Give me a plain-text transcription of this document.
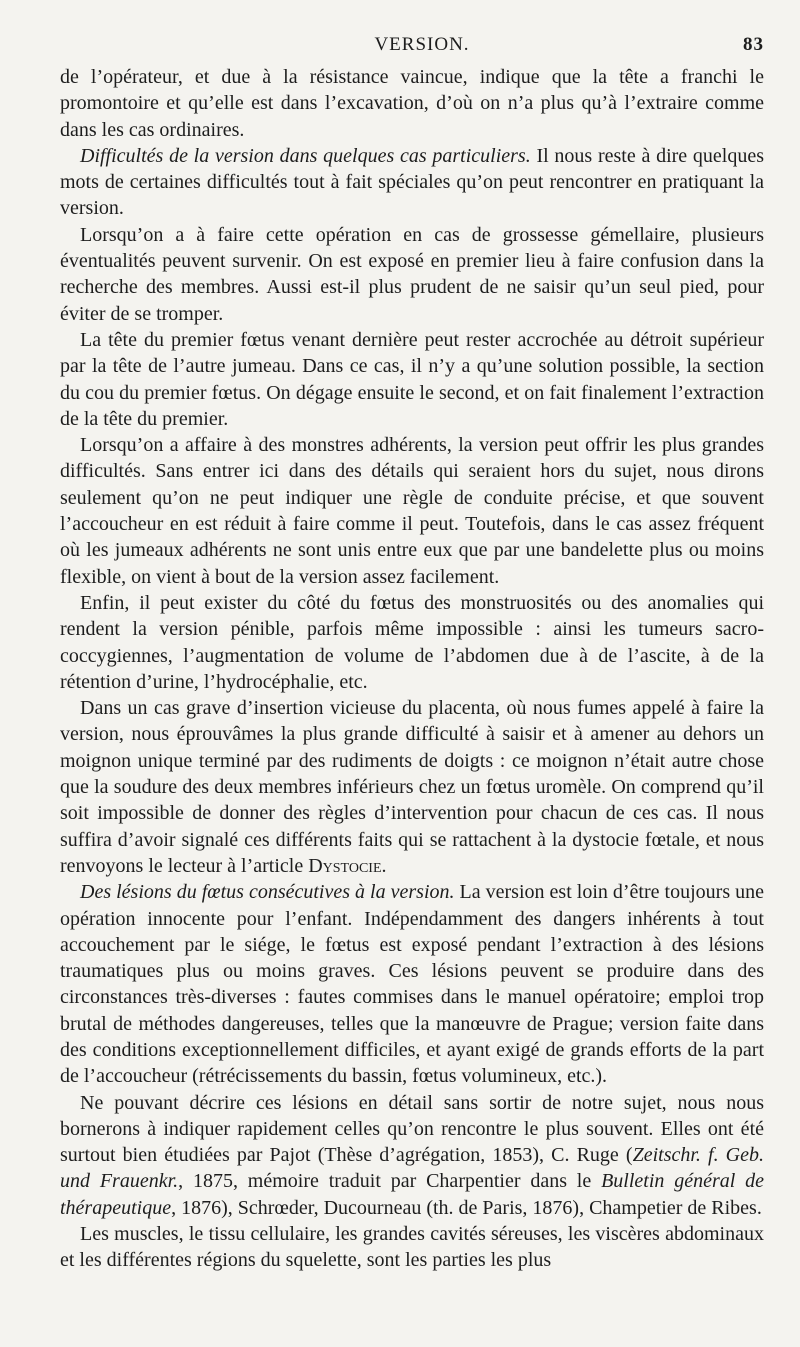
VERSION.	83

de l’opérateur, et due à la résistance vaincue, indique que la tête a franchi le promontoire et qu’elle est dans l’excavation, d’où on n’a plus qu’à l’extraire comme dans les cas ordinaires.

 Difficultés de la version dans quelques cas particuliers. Il nous reste à dire quelques mots de certaines difficultés tout à fait spéciales qu’on peut rencontrer en pratiquant la version.

 Lorsqu’on a à faire cette opération en cas de grossesse gémellaire, plusieurs éventualités peuvent survenir. On est exposé en premier lieu à faire confusion dans la recherche des membres. Aussi est-il plus prudent de ne saisir qu’un seul pied, pour éviter de se tromper.

 La tête du premier fœtus venant dernière peut rester accrochée au détroit supérieur par la tête de l’autre jumeau. Dans ce cas, il n’y a qu’une solution possible, la section du cou du premier fœtus. On dégage ensuite le second, et on fait finalement l’extraction de la tête du premier.

 Lorsqu’on a affaire à des monstres adhérents, la version peut offrir les plus grandes difficultés. Sans entrer ici dans des détails qui seraient hors du sujet, nous dirons seulement qu’on ne peut indiquer une règle de conduite précise, et que souvent l’accoucheur en est réduit à faire comme il peut. Toutefois, dans le cas assez fréquent où les jumeaux adhérents ne sont unis entre eux que par une bandelette plus ou moins flexible, on vient à bout de la version assez facilement.

 Enfin, il peut exister du côté du fœtus des monstruosités ou des anomalies qui rendent la version pénible, parfois même impossible : ainsi les tumeurs sacro-coccygiennes, l’augmentation de volume de l’abdomen due à de l’ascite, à de la rétention d’urine, l’hydrocéphalie, etc.

 Dans un cas grave d’insertion vicieuse du placenta, où nous fumes appelé à faire la version, nous éprouvâmes la plus grande difficulté à saisir et à amener au dehors un moignon unique terminé par des rudiments de doigts : ce moignon n’était autre chose que la soudure des deux membres inférieurs chez un fœtus uromèle. On comprend qu’il soit impossible de donner des règles d’intervention pour chacun de ces cas. Il nous suffira d’avoir signalé ces différents faits qui se rattachent à la dystocie fœtale, et nous renvoyons le lecteur à l’article Dystocie.

 Des lésions du fœtus consécutives à la version. La version est loin d’être toujours une opération innocente pour l’enfant. Indépendamment des dangers inhérents à tout accouchement par le siége, le fœtus est exposé pendant l’extraction à des lésions traumatiques plus ou moins graves. Ces lésions peuvent se produire dans des circonstances très-diverses : fautes commises dans le manuel opératoire; emploi trop brutal de méthodes dangereuses, telles que la manœuvre de Prague; version faite dans des conditions exceptionnellement difficiles, et ayant exigé de grands efforts de la part de l’accoucheur (rétrécissements du bassin, fœtus volumineux, etc.).

 Ne pouvant décrire ces lésions en détail sans sortir de notre sujet, nous nous bornerons à indiquer rapidement celles qu’on rencontre le plus souvent. Elles ont été surtout bien étudiées par Pajot (Thèse d’agrégation, 1853), C. Ruge (Zeitschr. f. Geb. und Frauenkr., 1875, mémoire traduit par Charpentier dans le Bulletin général de thérapeutique, 1876), Schrœder, Ducourneau (th. de Paris, 1876), Champetier de Ribes.

 Les muscles, le tissu cellulaire, les grandes cavités séreuses, les viscères abdominaux et les différentes régions du squelette, sont les parties les plus
